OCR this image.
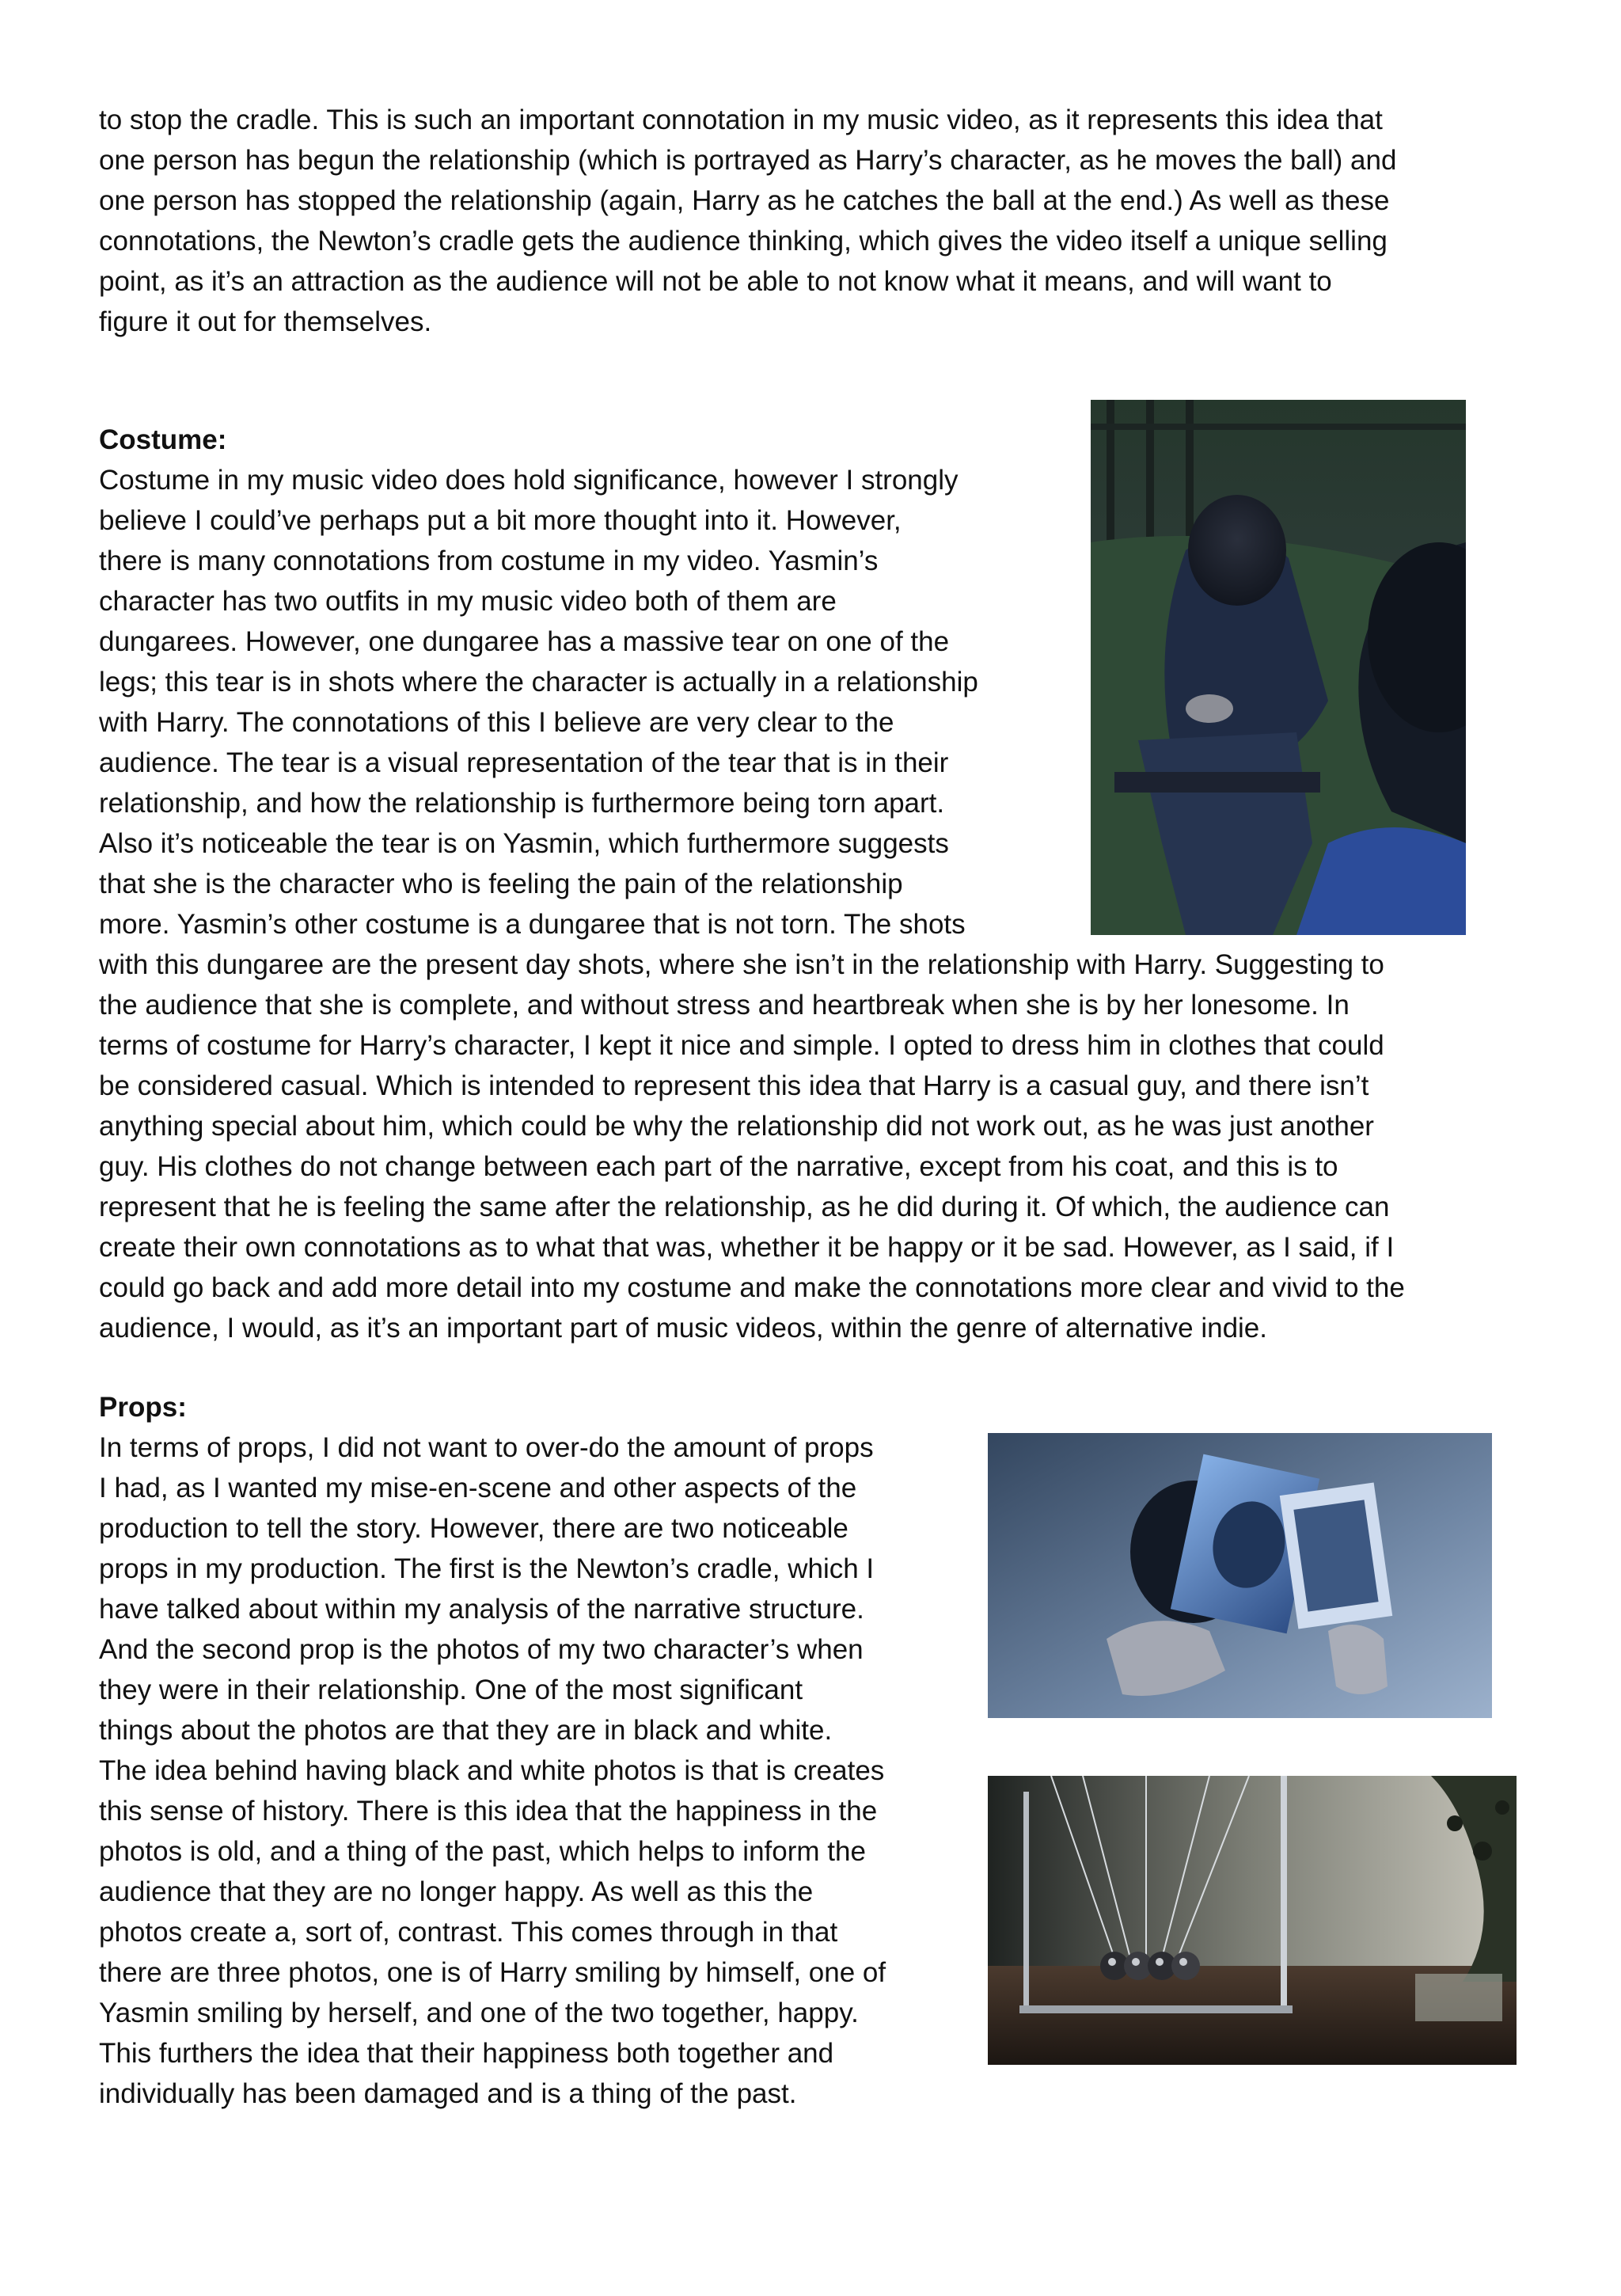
to stop the cradle. This is such an important connotation in my music video, as it represents this idea that
one person has begun the relationship (which is portrayed as Harry’s character, as he moves the ball) and
one person has stopped the relationship (again, Harry as he catches the ball at the end.) As well as these
connotations, the Newton’s cradle gets the audience thinking, which gives the video itself a unique selling
point, as it’s an attraction as the audience will not be able to not know what it means, and will want to
figure it out for themselves.
Costume:
Costume in my music video does hold significance, however I strongly
believe I could’ve perhaps put a bit more thought into it. However,
there is many connotations from costume in my video. Yasmin’s
character has two outfits in my music video both of them are
dungarees. However, one dungaree has a massive tear on one of the
legs; this tear is in shots where the character is actually in a relationship
with Harry. The connotations of this I believe are very clear to the
audience. The tear is a visual representation of the tear that is in their
relationship, and how the relationship is furthermore being torn apart.
Also it’s noticeable the tear is on Yasmin, which furthermore suggests
that she is the character who is feeling the pain of the relationship
more. Yasmin’s other costume is a dungaree that is not torn. The shots
with this dungaree are the present day shots, where she isn’t in the relationship with Harry. Suggesting to
the audience that she is complete, and without stress and heartbreak when she is by her lonesome. In
terms of costume for Harry’s character, I kept it nice and simple. I opted to dress him in clothes that could
be considered casual. Which is intended to represent this idea that Harry is a casual guy, and there isn’t
anything special about him, which could be why the relationship did not work out, as he was just another
guy. His clothes do not change between each part of the narrative, except from his coat, and this is to
represent that he is feeling the same after the relationship, as he did during it. Of which, the audience can
create their own connotations as to what that was, whether it be happy or it be sad. However, as I said, if I
could go back and add more detail into my costume and make the connotations more clear and vivid to the
audience, I would, as it’s an important part of music videos, within the genre of alternative indie.
Props:
In terms of props, I did not want to over-do the amount of props
I had, as I wanted my mise-en-scene and other aspects of the
production to tell the story. However, there are two noticeable
props in my production. The first is the Newton’s cradle, which I
have talked about within my analysis of the narrative structure.
And the second prop is the photos of my two character’s when
they were in their relationship. One of the most significant
things about the photos are that they are in black and white.
The idea behind having black and white photos is that is creates
this sense of history. There is this idea that the happiness in the
photos is old, and a thing of the past, which helps to inform the
audience that they are no longer happy. As well as this the
photos create a, sort of, contrast. This comes through in that
there are three photos, one is of Harry smiling by himself, one of
Yasmin smiling by herself, and one of the two together, happy.
This furthers the idea that their happiness both together and
individually has been damaged and is a thing of the past.
